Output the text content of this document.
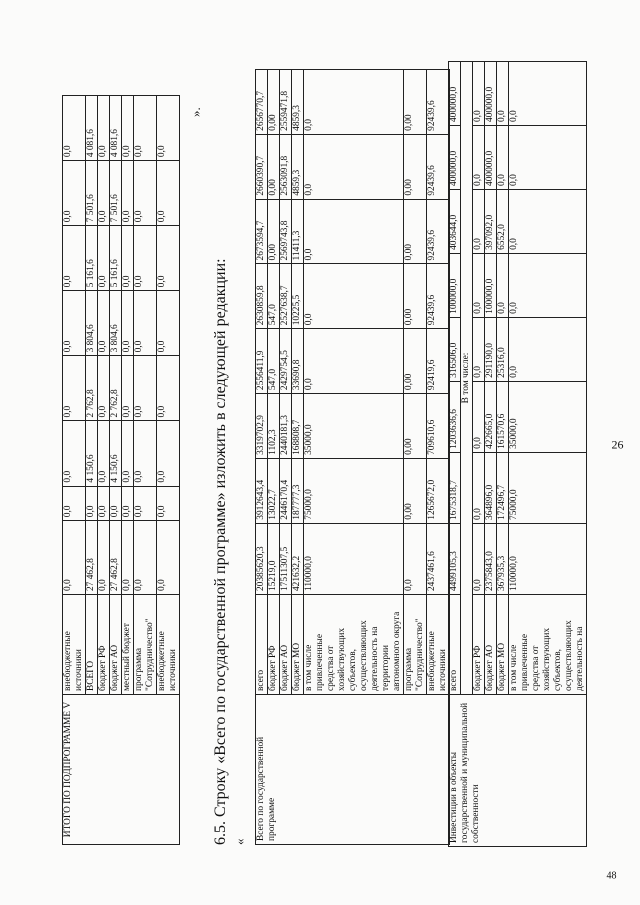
26
ИТОГО ПО ПОДПРОГРАММЕ V	внебюджетные источники	0,0	0,0	0,0	0,0	0,0	0,0	0,0	0,0
	ВСЕГО	27 462,8	0,0	4 150,6	2 762,8	3 804,6	5 161,6	7 501,6	4 081,6
	бюджет РФ	0,0	0,0	0,0	0,0	0,0	0,0	0,0	0,0
	бюджет АО	27 462,8	0,0	4 150,6	2 762,8	3 804,6	5 161,6	7 501,6	4 081,6
	местный бюджет	0,0	0,0	0,0	0,0	0,0	0,0	0,0	0,0
	программа "Сотрудничество"	0,0	0,0	0,0	0,0	0,0	0,0	0,0	0,0
	внебюджетные источники	0,0	0,0	0,0	0,0	0,0	0,0	0,0	0,0
».
6.5. Строку «Всего по государственной программе» изложить в следующей редакции: «
Всего по государственной программе	всего	20385620,3	3912643,4	3319702,9	2556411,9	2630859,8	2673594,7	2660390,7	2656770,7
	бюджет РФ	15219,0	13022,7	1102,3	547,0	547,0	0,00	0,00	0,00
	бюджет АО	17511307,5	2446170,4	2440181,3	2429754,5	2527638,7	2569743,8	2563091,8	2559471,8
	бюджет МО	421632,2	187777,3	168808,7	33690,8	10225,5	11411,3	4859,3	4859,3
	в том числе привлеченные средства от хозяйствующих субъектов, осуществляющих деятельность на территории автономного округа	110000,0	75000,0	35000,0	0,0	0,0	0,0	0,0	0,0
	программа "Сотрудничество"	0,0	0,00	0,00	0,00	0,00	0,00	0,00	0,00
	внебюджетные источники	2437461,6	1265672,0	709610,6	92419,6	92439,6	92439,6	92439,6	92439,6
Инвестиции в объекты государственной и муниципальной собственности	всего	4499105,3	1675318,7	1203636,6	316506,0	100000,0	403644,0	400000,0	400000,0
	В том числе:								
	бюджет РФ	0,0	0,0	0,0	0,0	0,0	0,0	0,0	0,0
	бюджет АО	2375843,0	364896,0	422665,0	291190,0	100000,0	397092,0	400000,0	400000,0
	бюджет МО	367935,3	172496,7	161570,6	25316,0	0,0	6552,0	0,0	0,0
	в том числе привлеченные средства от хозяйствующих субъектов, осуществляющих деятельность на	110000,0	75000,0	35000,0	0,0	0,0	0,0	0,0	0,0
48
